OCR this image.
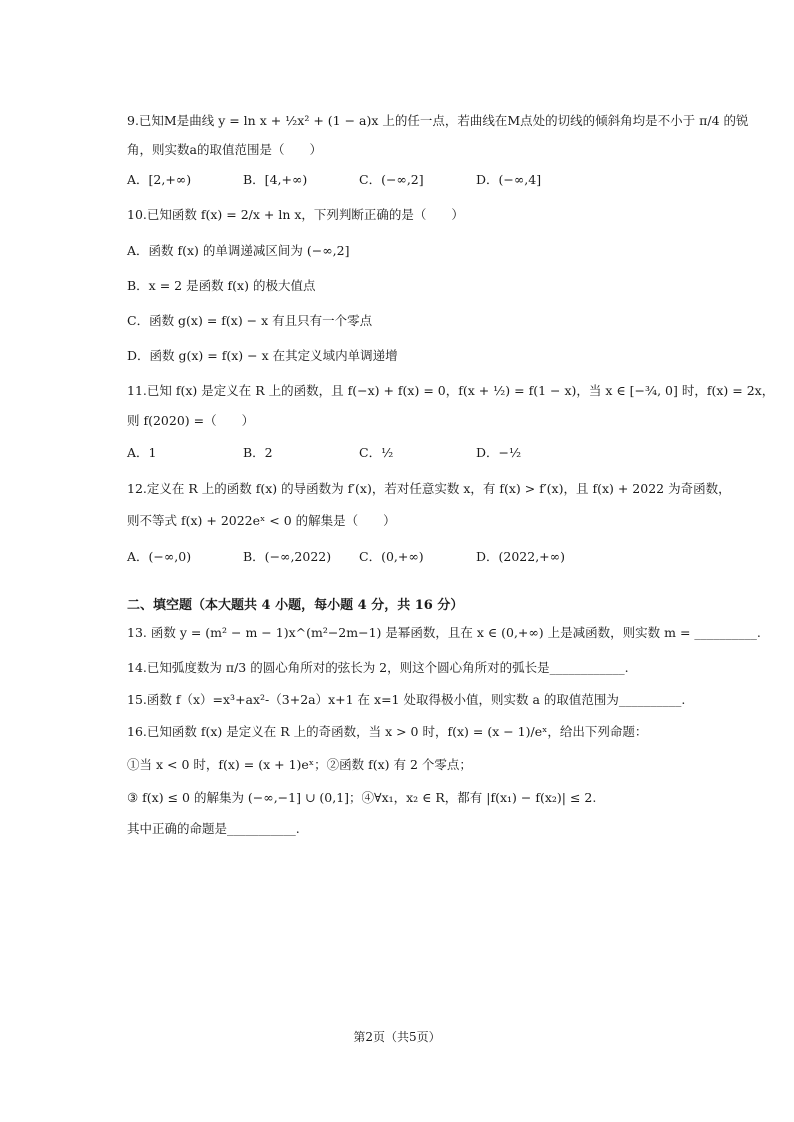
9.已知M是曲线 y = ln x + ½x² + (1 − a)x 上的任一点，若曲线在M点处的切线的倾斜角均是不小于 π/4 的锐
角，则实数a的取值范围是（　　）
A．[2,+∞)	B．[4,+∞)	C．(−∞,2]	D．(−∞,4]
10.已知函数 f(x) = 2/x + ln x，下列判断正确的是（　　）
A．函数 f(x) 的单调递减区间为 (−∞,2]
B．x = 2 是函数 f(x) 的极大值点
C．函数 g(x) = f(x) − x 有且只有一个零点
D．函数 g(x) = f(x) − x 在其定义域内单调递增
11.已知 f(x) 是定义在 R 上的函数，且 f(−x) + f(x) = 0，f(x + ½) = f(1 − x)，当 x ∈ [−¾, 0] 时，f(x) = 2x，
则 f(2020) =（　　）
A．1	B．2	C．½	D．−½
12.定义在 R 上的函数 f(x) 的导函数为 f′(x)，若对任意实数 x，有 f(x) > f′(x)，且 f(x) + 2022 为奇函数，
则不等式 f(x) + 2022eˣ < 0 的解集是（　　）
A．(−∞,0)	B．(−∞,2022) C．(0,+∞)	D．(2022,+∞)
二、填空题（本大题共 4 小题，每小题 4 分，共 16 分）
13. 函数 y = (m² − m − 1)x^(m²−2m−1) 是幂函数，且在 x ∈ (0,+∞) 上是减函数，则实数 m = __________.
14.已知弧度数为 π/3 的圆心角所对的弦长为 2，则这个圆心角所对的弧长是____________.
15.函数 f（x）=x³+ax²-（3+2a）x+1 在 x=1 处取得极小值，则实数 a 的取值范围为__________.
16.已知函数 f(x) 是定义在 R 上的奇函数，当 x > 0 时，f(x) = (x − 1)/eˣ，给出下列命题：
①当 x < 0 时，f(x) = (x + 1)eˣ；②函数 f(x) 有 2 个零点；
③ f(x) ≤ 0 的解集为 (−∞,−1] ∪ (0,1]；④∀x₁，x₂ ∈ R，都有 |f(x₁) − f(x₂)| ≤ 2.
其中正确的命题是___________.
第2页（共5页）
